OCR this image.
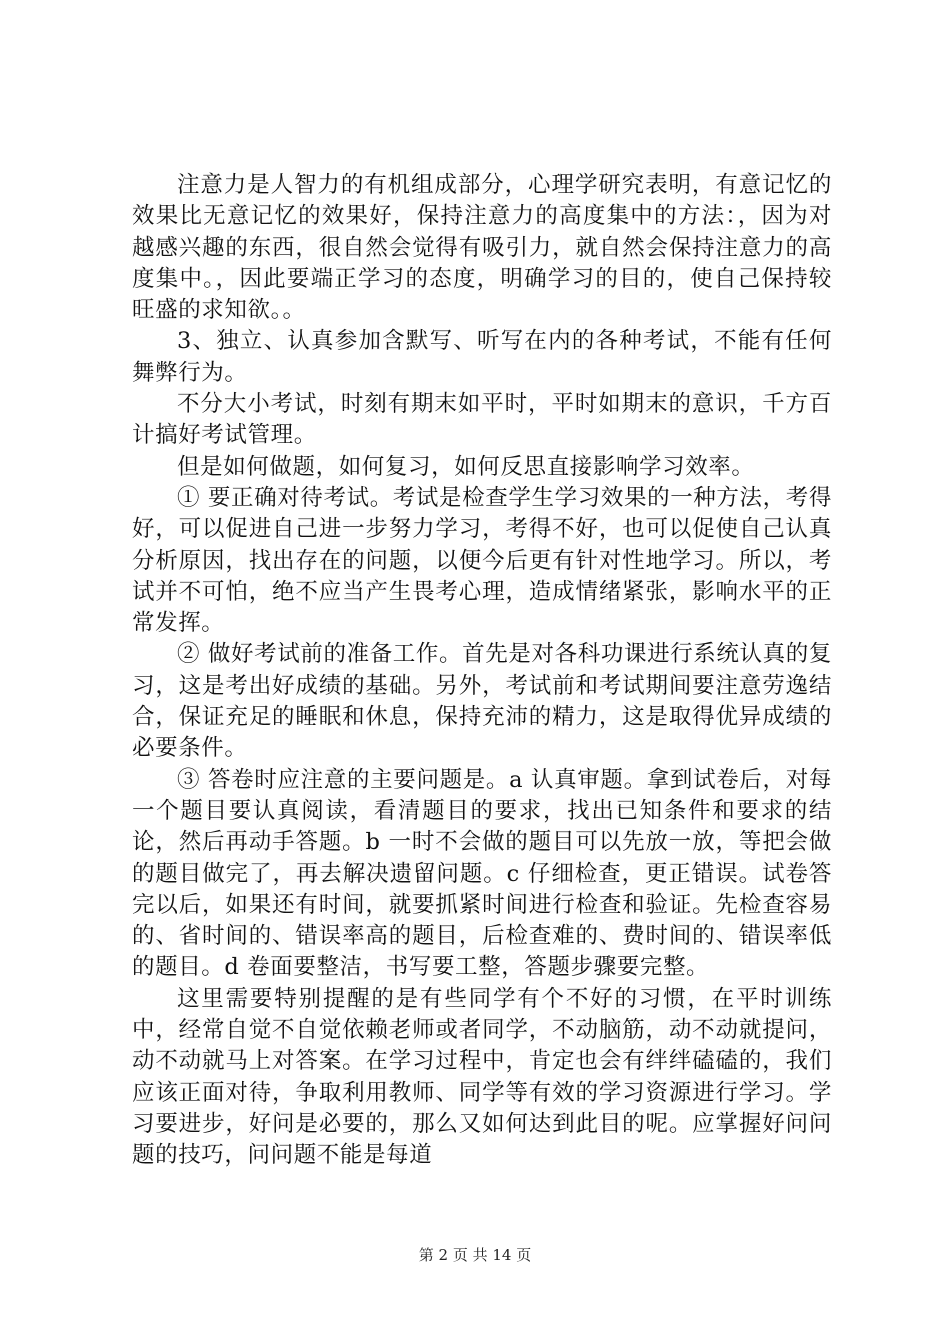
注意力是人智力的有机组成部分，心理学研究表明，有意记忆的效果比无意记忆的效果好，保持注意力的高度集中的方法：，因为对越感兴趣的东西，很自然会觉得有吸引力，就自然会保持注意力的高度集中。，因此要端正学习的态度，明确学习的目的，使自己保持较旺盛的求知欲。。

3、独立、认真参加含默写、听写在内的各种考试，不能有任何舞弊行为。

不分大小考试，时刻有期末如平时，平时如期末的意识，千方百计搞好考试管理。

但是如何做题，如何复习，如何反思直接影响学习效率。

① 要正确对待考试。考试是检查学生学习效果的一种方法，考得好，可以促进自己进一步努力学习，考得不好，也可以促使自己认真分析原因，找出存在的问题，以便今后更有针对性地学习。所以，考试并不可怕，绝不应当产生畏考心理，造成情绪紧张，影响水平的正常发挥。

② 做好考试前的准备工作。首先是对各科功课进行系统认真的复习，这是考出好成绩的基础。另外，考试前和考试期间要注意劳逸结合，保证充足的睡眠和休息，保持充沛的精力，这是取得优异成绩的必要条件。

③ 答卷时应注意的主要问题是。a 认真审题。拿到试卷后，对每一个题目要认真阅读，看清题目的要求，找出已知条件和要求的结论，然后再动手答题。b 一时不会做的题目可以先放一放，等把会做的题目做完了，再去解决遗留问题。c 仔细检查，更正错误。试卷答完以后，如果还有时间，就要抓紧时间进行检查和验证。先检查容易的、省时间的、错误率高的题目，后检查难的、费时间的、错误率低的题目。d 卷面要整洁，书写要工整，答题步骤要完整。

这里需要特别提醒的是有些同学有个不好的习惯，在平时训练中，经常自觉不自觉依赖老师或者同学，不动脑筋，动不动就提问，动不动就马上对答案。在学习过程中，肯定也会有绊绊磕磕的，我们应该正面对待，争取利用教师、同学等有效的学习资源进行学习。学习要进步，好问是必要的，那么又如何达到此目的呢。应掌握好问问题的技巧，问问题不能是每道

第 2 页 共 14 页
